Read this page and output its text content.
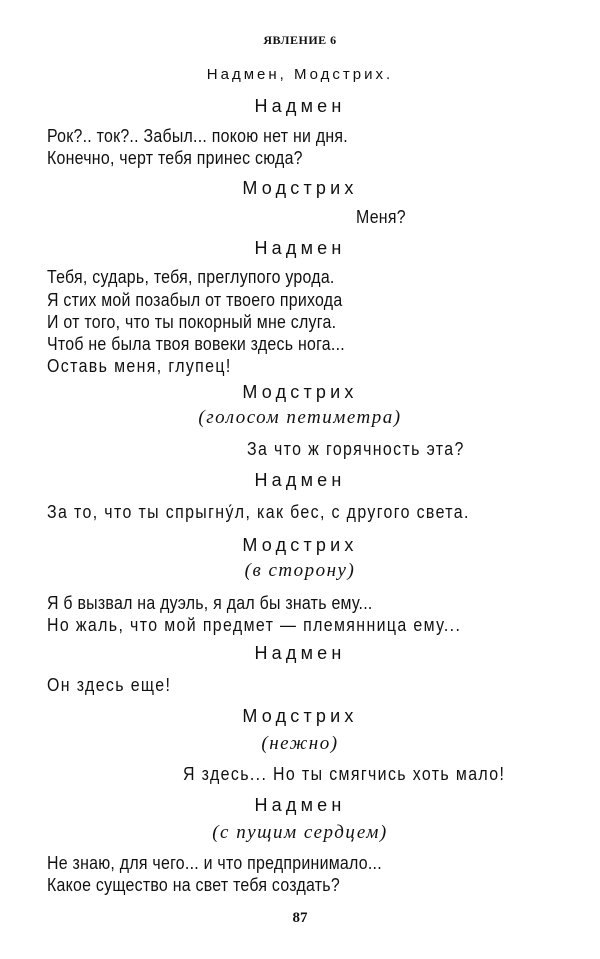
ЯВЛЕНИЕ 6
Надмен, Модстрих.
Надмен
Рок?.. ток?.. Забыл... покою нет ни дня.
Конечно, черт тебя принес сюда?
Модстрих
Меня?
Надмен
Тебя, сударь, тебя, преглупого урода.
Я стих мой позабыл от твоего прихода
И от того, что ты покорный мне слуга.
Чтоб не была твоя вовеки здесь нога...
Оставь меня, глупец!
Модстрих
(голосом петиметра)
За что ж горячность эта?
Надмен
За то, что ты спрыгну́л, как бес, с другого света.
Модстрих
(в сторону)
Я б вызвал на дуэль, я дал бы знать ему...
Но жаль, что мой предмет — племянница ему...
Надмен
Он здесь еще!
Модстрих
(нежно)
Я здесь... Но ты смягчись хоть мало!
Надмен
(с пущим сердцем)
Не знаю, для чего... и что предпринимало...
Какое существо на свет тебя создать?
87
